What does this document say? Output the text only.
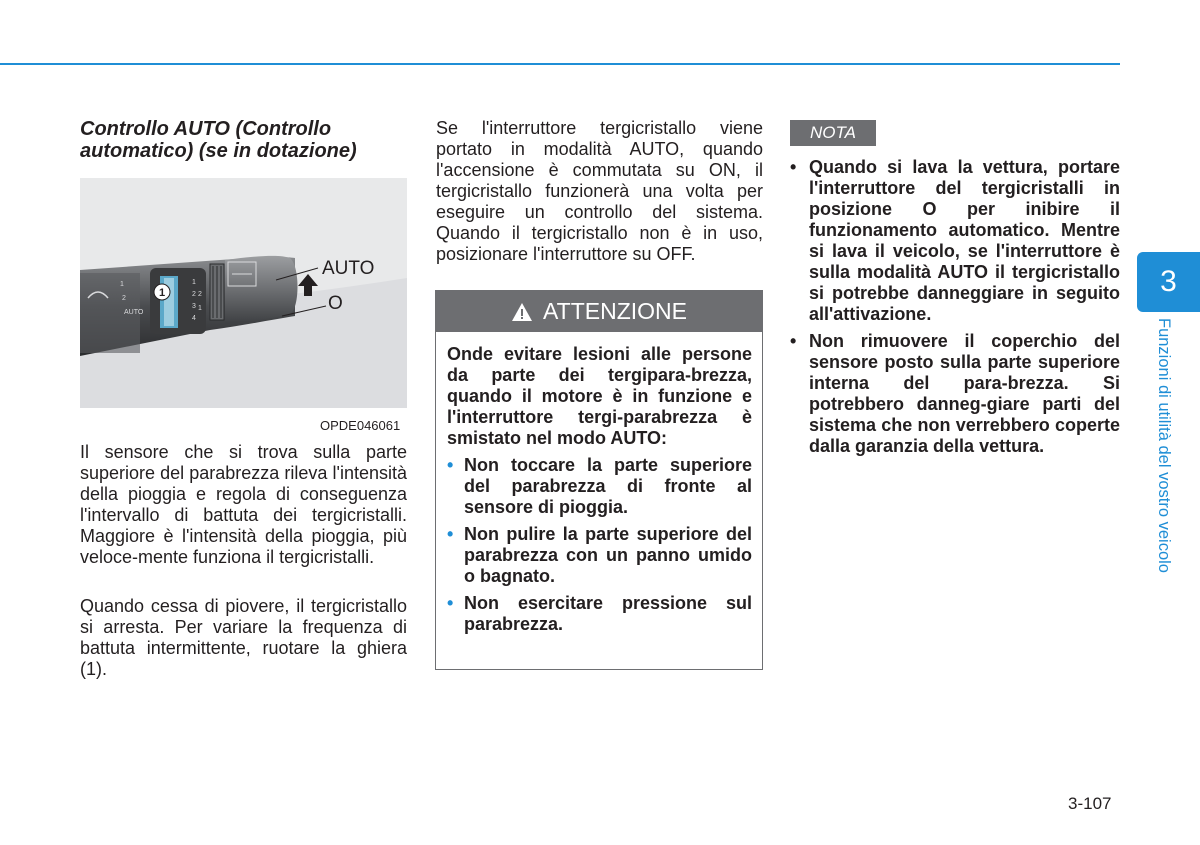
Controllo AUTO (Controllo automatico) (se in dotazione)
1
2
AUTO
1
2
3
4
2
1
1
AUTO
O
OPDE046061

Il sensore che si trova sulla parte superiore del parabrezza rileva l'intensità della pioggia e regola di conseguenza l'intervallo di battuta dei tergicristalli. Maggiore è l'intensità della pioggia, più veloce-mente funziona il tergicristalli.

Quando cessa di piovere, il tergicristallo si arresta. Per variare la frequenza di battuta intermittente, ruotare la ghiera (1).

Se l'interruttore tergicristallo viene portato in modalità AUTO, quando l'accensione è commutata su ON, il tergicristallo funzionerà una volta per eseguire un controllo del sistema. Quando il tergicristallo non è in uso, posizionare l'interruttore su OFF.

ATTENZIONE

Onde evitare lesioni alle persone da parte dei tergipara-brezza, quando il motore è in funzione e l'interruttore tergi-parabrezza è smistato nel modo AUTO:

• Non toccare la parte superiore del parabrezza di fronte al sensore di pioggia.
• Non pulire la parte superiore del parabrezza con un panno umido o bagnato.
• Non esercitare pressione sul parabrezza.
NOTA
• Quando si lava la vettura, portare l'interruttore del tergicristalli in posizione O per inibire il funzionamento automatico. Mentre si lava il veicolo, se l'interruttore è sulla modalità AUTO il tergicristallo si potrebbe danneggiare in seguito all'attivazione.
• Non rimuovere il coperchio del sensore posto sulla parte superiore interna del para-brezza. Si potrebbero danneg-giare parti del sistema che non verrebbero coperte dalla garanzia della vettura.
3
Funzioni di utilità del vostro veicolo
3-107
